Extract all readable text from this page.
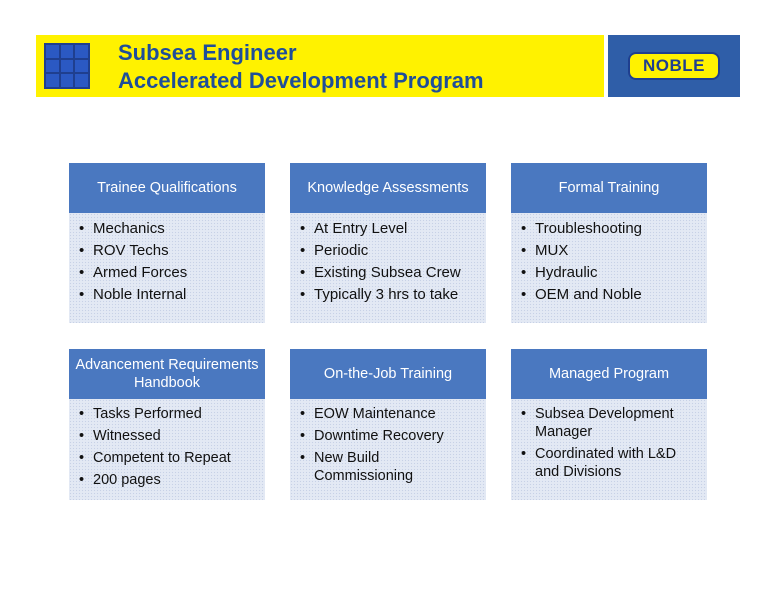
Subsea Engineer
Accelerated Development Program
NOBLE
Trainee Qualifications
• Mechanics
• ROV Techs
• Armed Forces
• Noble Internal
Knowledge Assessments
• At Entry Level
• Periodic
• Existing Subsea Crew
• Typically 3 hrs to take
Formal Training
• Troubleshooting
• MUX
• Hydraulic
• OEM and Noble
Advancement Requirements Handbook
• Tasks Performed
• Witnessed
• Competent to Repeat
• 200 pages
On-the-Job Training
• EOW Maintenance
• Downtime Recovery
• New Build Commissioning
Managed Program
• Subsea Development Manager
• Coordinated with L&D and Divisions
